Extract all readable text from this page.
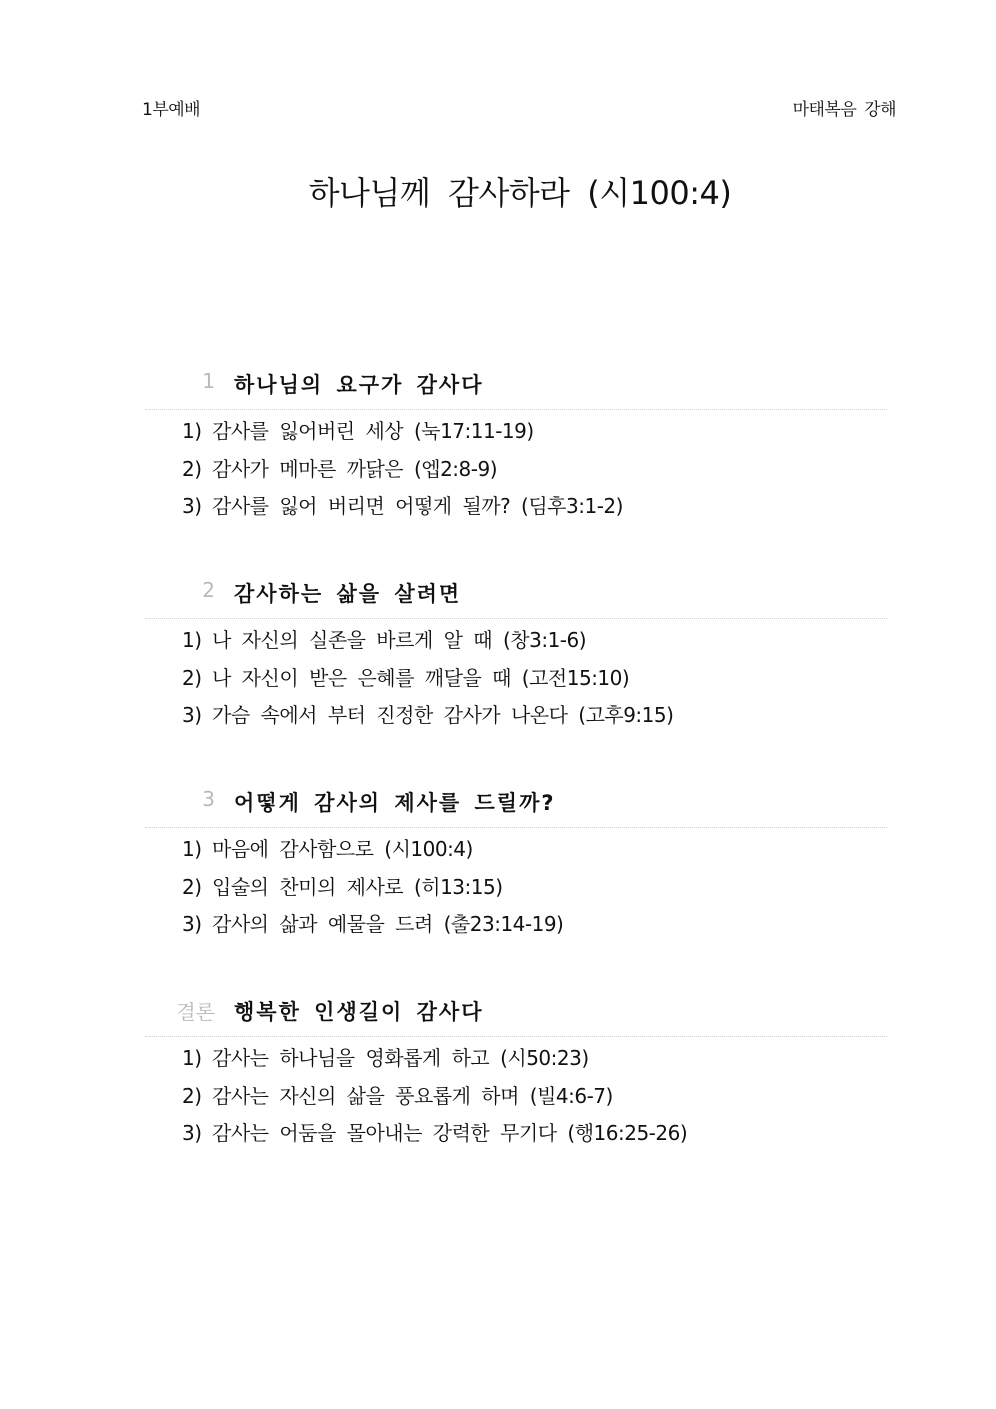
1부예배	마태복음 강해
하나님께 감사하라 (시100:4)
1 하나님의 요구가 감사다
1) 감사를 잃어버린 세상 (눅17:11-19)
2) 감사가 메마른 까닭은 (엡2:8-9)
3) 감사를 잃어 버리면 어떻게 될까? (딤후3:1-2)
2 감사하는 삶을 살려면
1) 나 자신의 실존을 바르게 알 때 (창3:1-6)
2) 나 자신이 받은 은혜를 깨달을 때 (고전15:10)
3) 가슴 속에서 부터 진정한 감사가 나온다 (고후9:15)
3 어떻게 감사의 제사를 드릴까?
1) 마음에 감사함으로 (시100:4)
2) 입술의 찬미의 제사로 (히13:15)
3) 감사의 삶과 예물을 드려 (출23:14-19)
결론 행복한 인생길이 감사다
1) 감사는 하나님을 영화롭게 하고 (시50:23)
2) 감사는 자신의 삶을 풍요롭게 하며 (빌4:6-7)
3) 감사는 어둠을 몰아내는 강력한 무기다 (행16:25-26)
